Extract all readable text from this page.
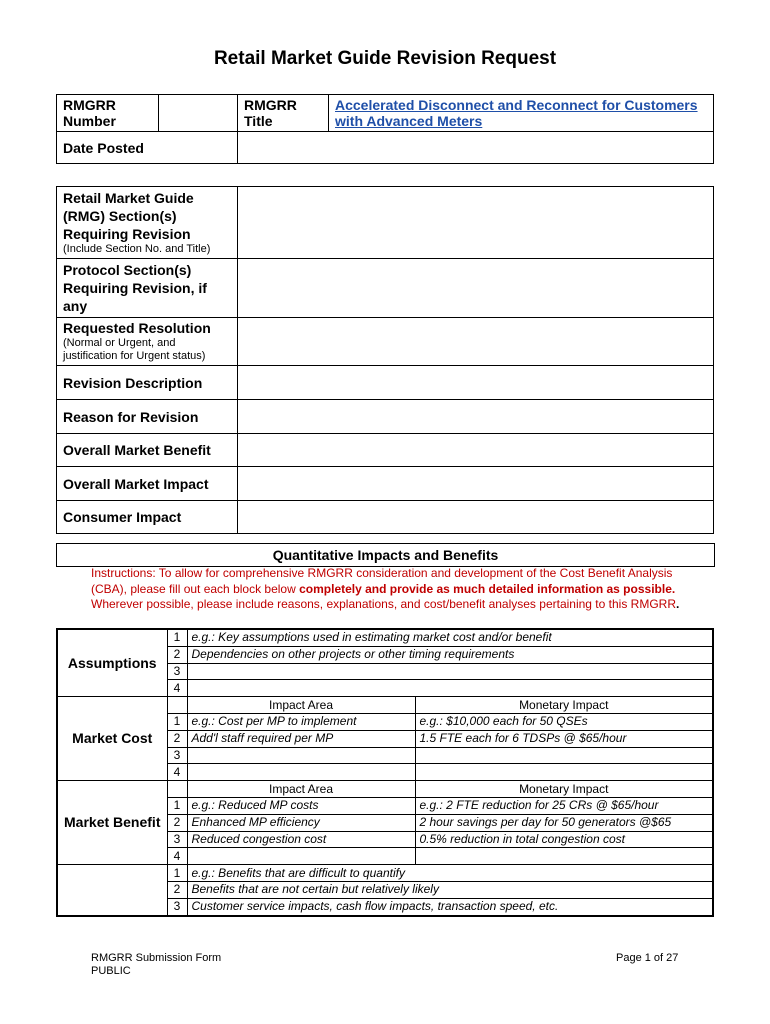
Retail Market Guide Revision Request
RMGRR Number		RMGRR Title	Accelerated Disconnect and Reconnect for Customers with Advanced Meters
Date Posted			
Retail Market Guide (RMG) Section(s) Requiring Revision
(Include Section No. and Title)	

Protocol Section(s) Requiring Revision, if any	
Requested Resolution
(Normal or Urgent, and justification for Urgent status)	

Revision Description	
Reason for Revision	
Overall Market Benefit	
Overall Market Impact	
Consumer Impact	
Quantitative Impacts and Benefits
Instructions: To allow for comprehensive RMGRR consideration and development of the Cost Benefit Analysis (CBA), please fill out each block below completely and provide as much detailed information as possible. Wherever possible, please include reasons, explanations, and cost/benefit analyses pertaining to this RMGRR.
Assumptions	1	e.g.: Key assumptions used in estimating market cost and/or benefit	
	2	Dependencies on other projects or other timing requirements	
	3		
	4		
Market Cost		Impact Area	Monetary Impact
	1	e.g.: Cost per MP to implement	e.g.: $10,000 each for 50 QSEs
	2	Add'l staff required per MP	1.5 FTE each for 6 TDSPs @ $65/hour
	3		
	4		
Market Benefit		Impact Area	Monetary Impact
	1	e.g.: Reduced MP costs	e.g.: 2 FTE reduction for 25 CRs @ $65/hour
	2	Enhanced MP efficiency	2 hour savings per day for 50 generators @$65
	3	Reduced congestion cost	0.5% reduction in total congestion cost
	4		
	1	e.g.: Benefits that are difficult to quantify	
	2	Benefits that are not certain but relatively likely	
	3	Customer service impacts, cash flow impacts, transaction speed, etc.	
RMGRR Submission Form
PUBLIC
Page 1 of 27
